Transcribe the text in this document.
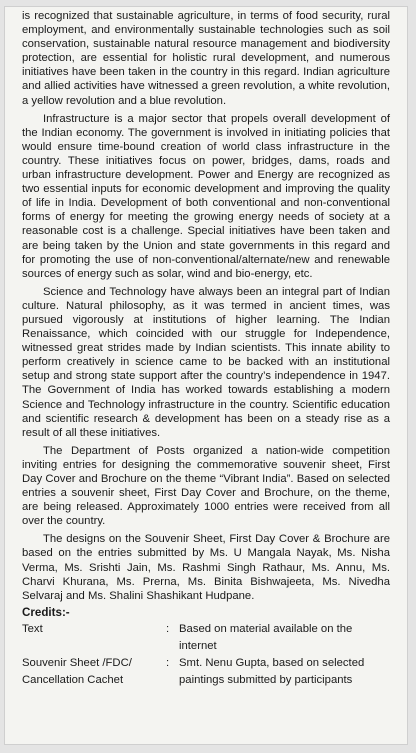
is recognized that sustainable agriculture, in terms of food security, rural employment, and environmentally sustainable technologies such as soil conservation, sustainable natural resource management and biodiversity protection, are essential for holistic rural development, and numerous initiatives have been taken in the country in this regard. Indian agriculture and allied activities have witnessed a green revolution, a white revolution, a yellow revolution and a blue revolution.

Infrastructure is a major sector that propels overall development of the Indian economy. The government is involved in initiating policies that would ensure time-bound creation of world class infrastructure in the country. These initiatives focus on power, bridges, dams, roads and urban infrastructure development. Power and Energy are recognized as two essential inputs for economic development and improving the quality of life in India. Development of both conventional and non-conventional forms of energy for meeting the growing energy needs of society at a reasonable cost is a challenge. Special initiatives have been taken and are being taken by the Union and state governments in this regard and for promoting the use of non-conventional/alternate/new and renewable sources of energy such as solar, wind and bio-energy, etc.

Science and Technology have always been an integral part of Indian culture. Natural philosophy, as it was termed in ancient times, was pursued vigorously at institutions of higher learning. The Indian Renaissance, which coincided with our struggle for Independence, witnessed great strides made by Indian scientists. This innate ability to perform creatively in science came to be backed with an institutional setup and strong state support after the country’s independence in 1947. The Government of India has worked towards establishing a modern Science and Technology infrastructure in the country. Scientific education and scientific research & development has been on a steady rise as a result of all these initiatives.

The Department of Posts organized a nation-wide competition inviting entries for designing the commemorative souvenir sheet, First Day Cover and Brochure on the theme “Vibrant India”. Based on selected entries a souvenir sheet, First Day Cover and Brochure, on the theme, are being released. Approximately 1000 entries were received from all over the country.

The designs on the Souvenir Sheet, First Day Cover & Brochure are based on the entries submitted by Ms. U Mangala Nayak, Ms. Nisha Verma, Ms. Srishti Jain, Ms. Rashmi Singh Rathaur, Ms. Annu, Ms. Charvi Khurana, Ms. Prerna, Ms. Binita Bishwajeeta, Ms. Nivedha Selvaraj and Ms. Shalini Shashikant Hudpane.

Credits:-
Text	: Based on material available on the internet
Souvenir Sheet /FDC/	: Smt. Nenu Gupta, based on selected
Cancellation Cachet	paintings submitted by participants
